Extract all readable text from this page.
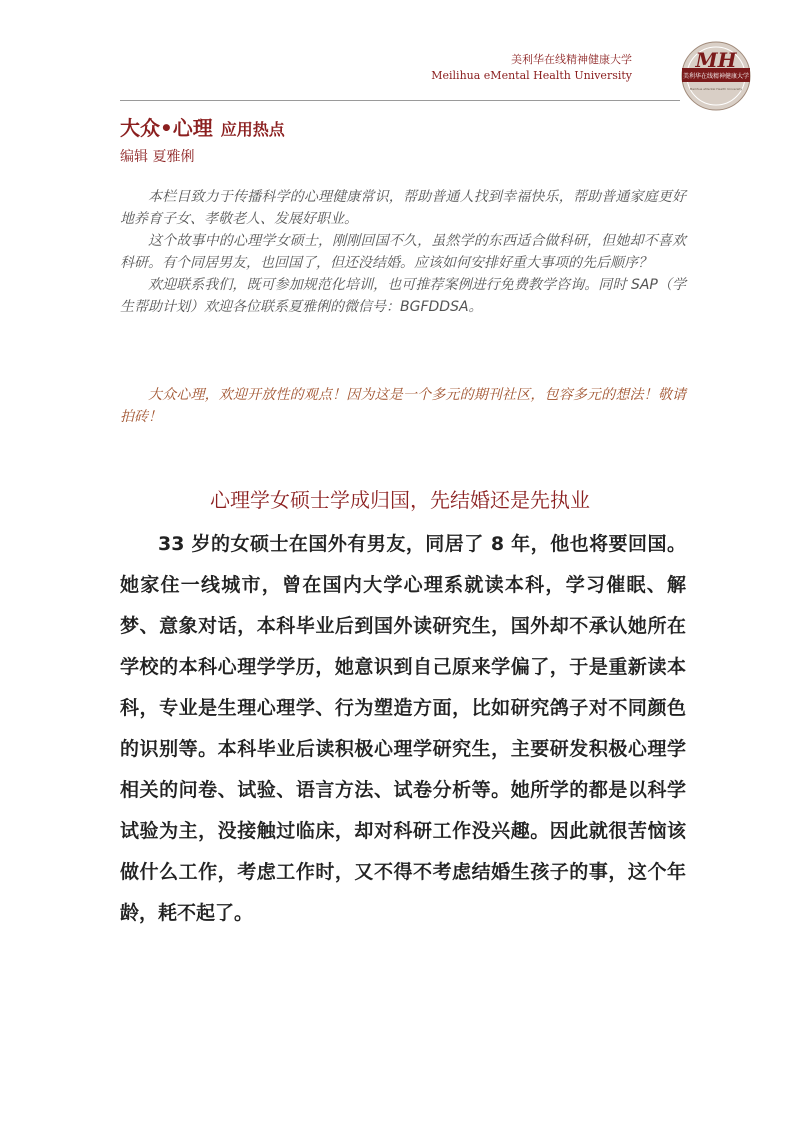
美利华在线精神健康大学
Meilihua eMental Health University
MH
美利华在线精神健康大学
Meilihua eMental Health University
大众•心理 应用热点
编辑 夏雅俐

本栏目致力于传播科学的心理健康常识，帮助普通人找到幸福快乐，帮助普通家庭更好地养育子女、孝敬老人、发展好职业。

这个故事中的心理学女硕士，刚刚回国不久，虽然学的东西适合做科研，但她却不喜欢科研。有个同居男友，也回国了，但还没结婚。应该如何安排好重大事项的先后顺序？

欢迎联系我们，既可参加规范化培训，也可推荐案例进行免费教学咨询。同时 SAP（学生帮助计划）欢迎各位联系夏雅俐的微信号：BGFDDSA。

大众心理，欢迎开放性的观点！因为这是一个多元的期刊社区，包容多元的想法！敬请拍砖！
心理学女硕士学成归国，先结婚还是先执业
33 岁的女硕士在国外有男友，同居了 8 年，他也将要回国。她家住一线城市，曾在国内大学心理系就读本科，学习催眠、解梦、意象对话，本科毕业后到国外读研究生，国外却不承认她所在学校的本科心理学学历，她意识到自己原来学偏了，于是重新读本科，专业是生理心理学、行为塑造方面，比如研究鸽子对不同颜色的识别等。本科毕业后读积极心理学研究生，主要研发积极心理学相关的问卷、试验、语言方法、试卷分析等。她所学的都是以科学试验为主，没接触过临床，却对科研工作没兴趣。因此就很苦恼该做什么工作，考虑工作时，又不得不考虑结婚生孩子的事，这个年龄，耗不起了。
